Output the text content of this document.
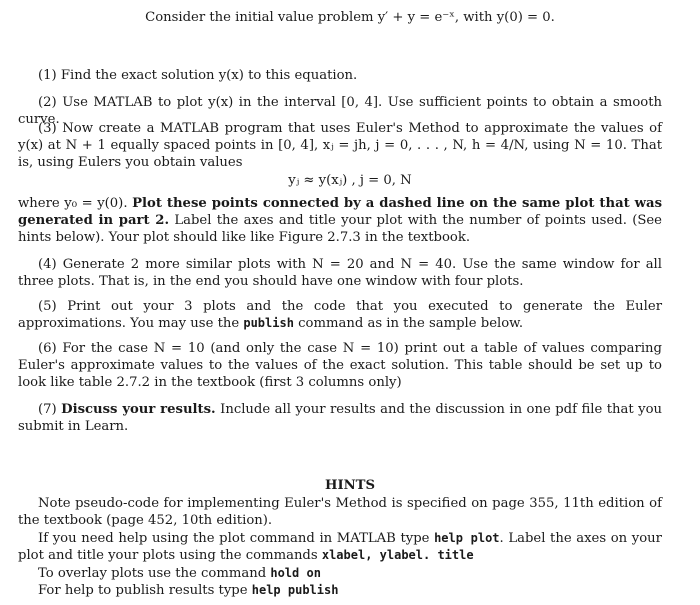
Consider the initial value problem y′ + y = e⁻ˣ, with y(0) = 0.

(1) Find the exact solution y(x) to this equation.

(2) Use MATLAB to plot y(x) in the interval [0, 4]. Use sufficient points to obtain a smooth curve.

(3) Now create a MATLAB program that uses Euler's Method to approximate the values of y(x) at N + 1 equally spaced points in [0, 4], xⱼ = jh, j = 0, . . . , N, h = 4/N, using N = 10. That is, using Eulers you obtain values

yⱼ ≈ y(xⱼ) , j = 0, N

where y₀ = y(0). Plot these points connected by a dashed line on the same plot that was generated in part 2. Label the axes and title your plot with the number of points used. (See hints below). Your plot should like like Figure 2.7.3 in the textbook.

(4) Generate 2 more similar plots with N = 20 and N = 40. Use the same window for all three plots. That is, in the end you should have one window with four plots.

(5) Print out your 3 plots and the code that you executed to generate the Euler approximations. You may use the publish command as in the sample below.

(6) For the case N = 10 (and only the case N = 10) print out a table of values comparing Euler's approximate values to the values of the exact solution. This table should be set up to look like table 2.7.2 in the textbook (first 3 columns only)

(7) Discuss your results. Include all your results and the discussion in one pdf file that you submit in Learn.

HINTS

Note pseudo-code for implementing Euler's Method is specified on page 355, 11th edition of the textbook (page 452, 10th edition).

If you need help using the plot command in MATLAB type help plot. Label the axes on your plot and title your plots using the commands xlabel, ylabel. title

To overlay plots use the command hold on

For help to publish results type help publish
